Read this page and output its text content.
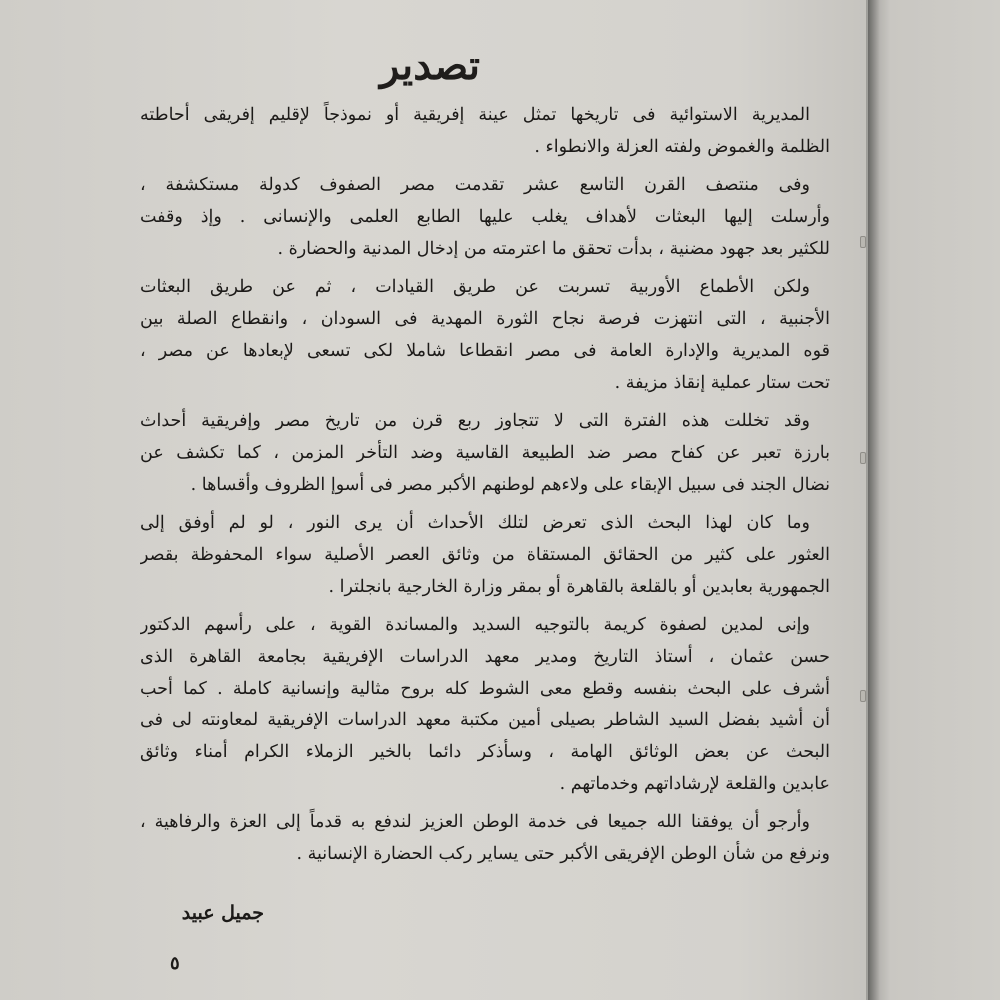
تصدير
المديرية الاستوائية فى تاريخها تمثل عينة إفريقية أو نموذجاً لإقليم إفريقى أحاطته
الظلمة والغموض ولفته العزلة والانطواء .
وفى منتصف القرن التاسع عشر تقدمت مصر الصفوف كدولة مستكشفة ،
وأرسلت إليها البعثات لأهداف يغلب عليها الطابع العلمى والإنسانى . وإذ وقفت
للكثير بعد جهود مضنية ، بدأت تحقق ما اعترمته من إدخال المدنية والحضارة .
ولكن الأطماع الأوربية تسربت عن طريق القيادات ، ثم عن طريق البعثات
الأجنبية ، التى انتهزت فرصة نجاح الثورة المهدية فى السودان ، وانقطاع الصلة بين
قوه المديرية والإدارة العامة فى مصر انقطاعا شاملا لكى تسعى لإبعادها عن مصر ،
تحت ستار عملية إنقاذ مزيفة .
وقد تخللت هذه الفترة التى لا تتجاوز ربع قرن من تاريخ مصر وإفريقية أحداث
بارزة تعبر عن كفاح مصر ضد الطبيعة القاسية وضد التأخر المزمن ، كما تكشف عن
نضال الجند فى سبيل الإبقاء على ولاءهم لوطنهم الأكبر مصر فى أسوإ الظروف وأقساها .
وما كان لهذا البحث الذى تعرض لتلك الأحداث أن يرى النور ، لو لم أوفق إلى
العثور على كثير من الحقائق المستقاة من وثائق العصر الأصلية سواء المحفوظة بقصر
الجمهورية بعابدين أو بالقلعة بالقاهرة أو بمقر وزارة الخارجية بانجلترا .
وإنى لمدين لصفوة كريمة بالتوجيه السديد والمساندة القوية ، على رأسهم الدكتور
حسن عثمان ، أستاذ التاريخ ومدير معهد الدراسات الإفريقية بجامعة القاهرة الذى
أشرف على البحث بنفسه وقطع معى الشوط كله بروح مثالية وإنسانية كاملة . كما أحب
أن أشيد بفضل السيد الشاطر بصيلى أمين مكتبة معهد الدراسات الإفريقية لمعاونته لى فى
البحث عن بعض الوثائق الهامة ، وسأذكر دائما بالخير الزملاء الكرام أمناء وثائق
عابدين والقلعة لإرشاداتهم وخدماتهم .
وأرجو أن يوفقنا الله جميعا فى خدمة الوطن العزيز لندفع به قدماً إلى العزة والرفاهية ،
ونرفع من شأن الوطن الإفريقى الأكبر حتى يساير ركب الحضارة الإنسانية .
جميل عبيد
٥
